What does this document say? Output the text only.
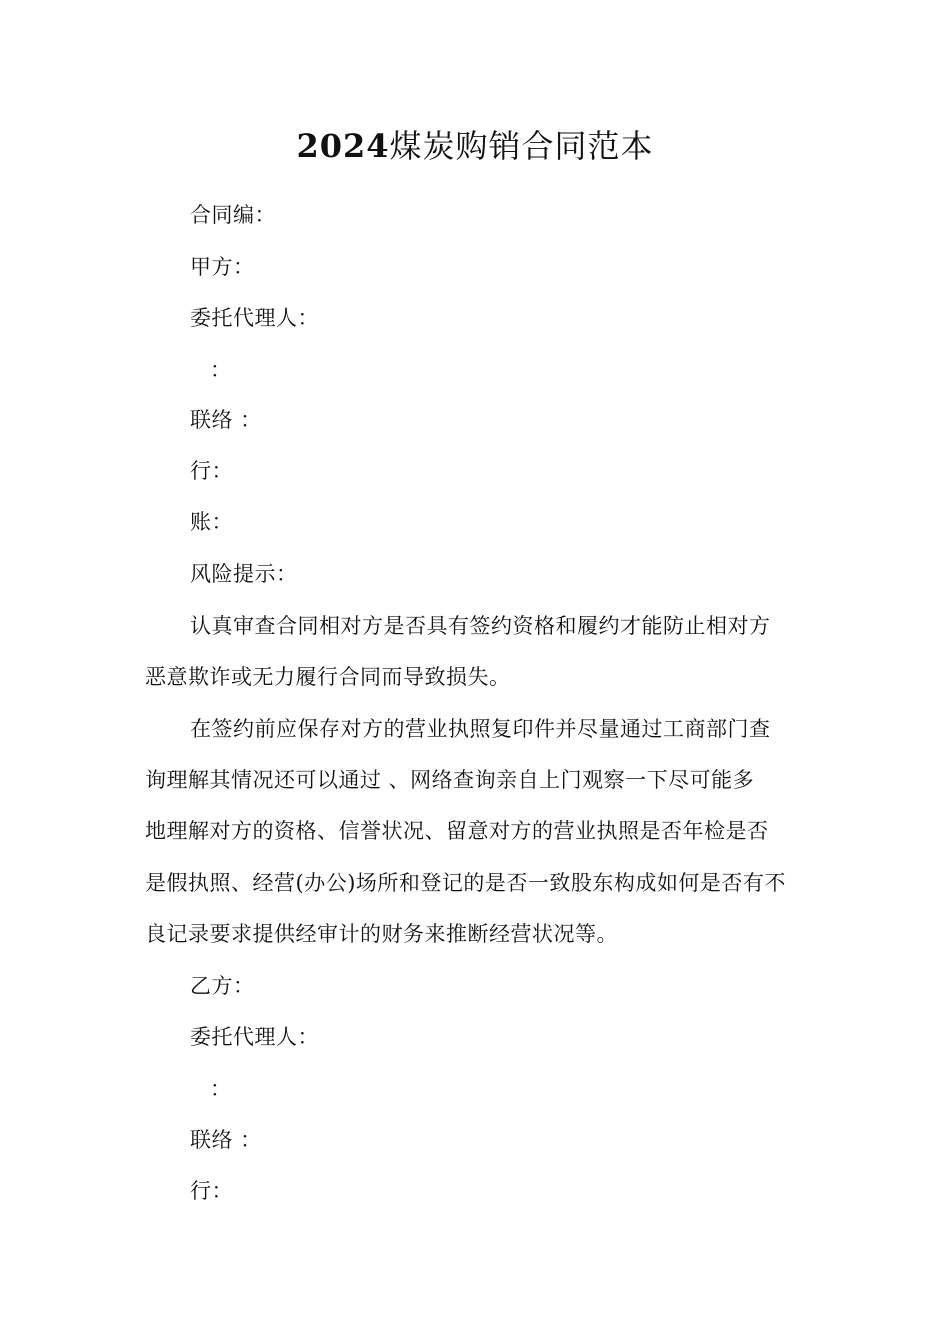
2024煤炭购销合同范本
合同编：
甲方：
委托代理人：
：
联络 ：
行：
账：
风险提示：
认真审查合同相对方是否具有签约资格和履约才能防止相对方
恶意欺诈或无力履行合同而导致损失。
在签约前应保存对方的营业执照复印件并尽量通过工商部门查
询理解其情况还可以通过 、网络查询亲自上门观察一下尽可能多
地理解对方的资格、信誉状况、留意对方的营业执照是否年检是否
是假执照、经营(办公)场所和登记的是否一致股东构成如何是否有不
良记录要求提供经审计的财务来推断经营状况等。
乙方：
委托代理人：
：
联络 ：
行：
